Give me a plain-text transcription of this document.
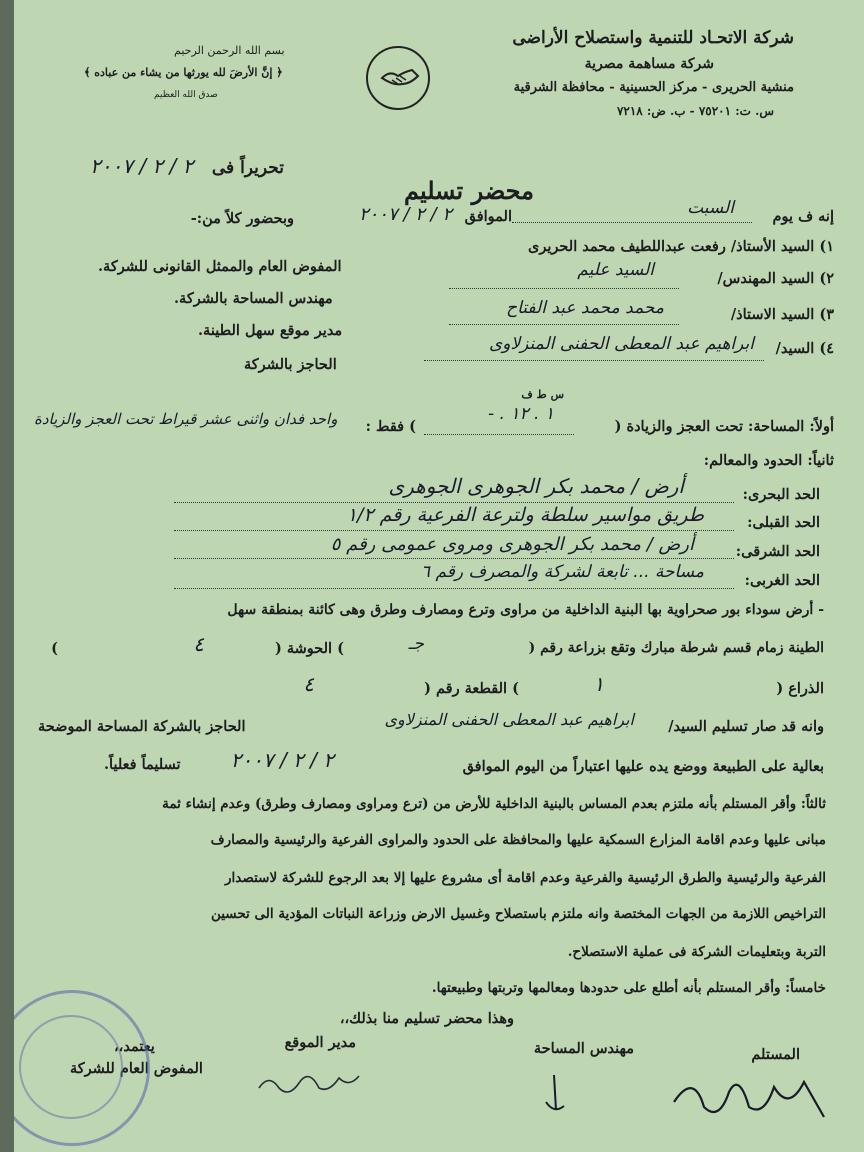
شركة الاتحـاد للتنمية واستصلاح الأراضى
شركة مساهمة مصرية
منشية الحريرى - مركز الحسينية - محافظة الشرقية
س. ت: ٧٥٢٠١ - ب. ض: ٧٢١٨
بسم الله الرحمن الرحيم
﴿ إنَّ الأرضَ لله يورثها من يشاء من عباده ﴾
صدق الله العظيم
تحريراً فى
٢ / ٢ / ٢٠٠٧
محضر تسليم
إنه ف يوم
السبت
الموافق
٢ / ٢ / ٢٠٠٧
وبحضور كلاً من:-
١) السيد الأستاذ/ رفعت عبداللطيف محمد الحريرى
المفوض العام والممثل القانونى للشركة.
٢) السيد المهندس/
السيد عليم
مهندس المساحة بالشركة.
٣) السيد الاستاذ/
محمد محمد عبد الفتاح
مدير موقع سهل الطينة.
٤) السيد/
ابراهيم عبد المعطى الحفنى المنزلاوى
الحاجز بالشركة
س ط ف
أولاً: المساحة: تحت العجز والزيادة (
١ . ١٢ . -
) فقط :
واحد فدان واثنى عشر قيراط تحت العجز والزيادة
ثانياً: الحدود والمعالم:
الحد البحرى:
أرض / محمد بكر الجوهرى الجوهرى
الحد القبلى:
طريق مواسير سلطة ولترعة الفرعية رقم ١/٢
الحد الشرقى:
أرض / محمد بكر الجوهرى ومروى عمومى رقم ٥
الحد الغربى:
مساحة ... تابعة لشركة والمصرف رقم ٦
- أرض سوداء بور صحراوية بها البنية الداخلية من مراوى وترع ومصارف وطرق وهى كائنة بمنطقة سهل
الطينة زمام قسم شرطة مبارك وتقع بزراعة رقم (
جـ
) الحوشة (
٤
)
الذراع (
١
) القطعة رقم (
٤
وانه قد صار تسليم السيد/
ابراهيم عبد المعطى الحفنى المنزلاوى
الحاجز بالشركة المساحة الموضحة
بعالية على الطبيعة ووضع يده عليها اعتباراً من اليوم الموافق
٢ / ٢ / ٢٠٠٧
تسليماً فعلياً.
ثالثاً: وأقر المستلم بأنه ملتزم بعدم المساس بالبنية الداخلية للأرض من (ترع ومراوى ومصارف وطرق) وعدم إنشاء ثمة
مبانى عليها وعدم اقامة المزارع السمكية عليها والمحافظة على الحدود والمراوى الفرعية والرئيسية والمصارف
الفرعية والرئيسية والطرق الرئيسية والفرعية وعدم اقامة أى مشروع عليها إلا بعد الرجوع للشركة لاستصدار
التراخيص اللازمة من الجهات المختصة وانه ملتزم باستصلاح وغسيل الارض وزراعة النباتات المؤدية الى تحسين
التربة وبتعليمات الشركة فى عملية الاستصلاح.
خامساً: وأقر المستلم بأنه أطلع على حدودها ومعالمها وتربتها وطبيعتها.
وهذا محضر تسليم منا بذلك،،
المستلم
مهندس المساحة
مدير الموقع
يعتمد،،
المفوض العام للشركة
